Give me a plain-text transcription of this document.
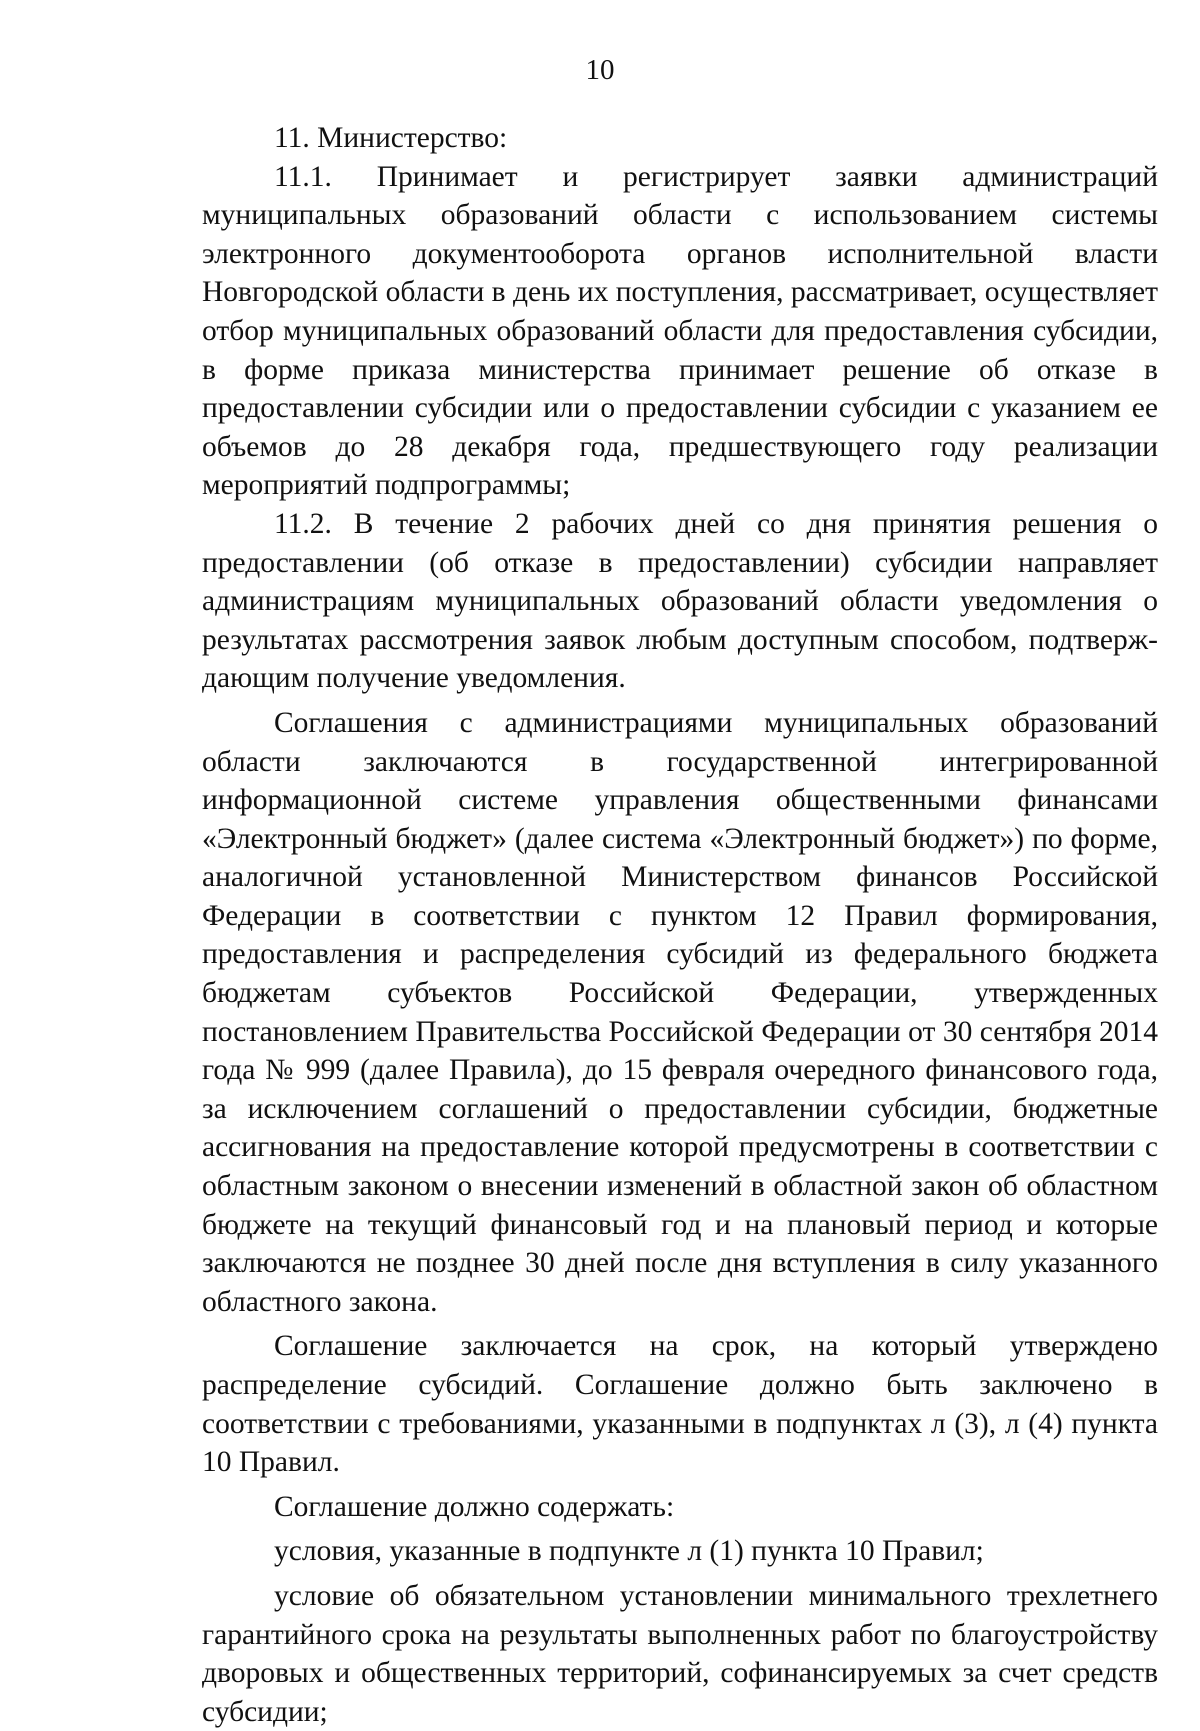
10

11. Министерство:

11.1. Принимает и регистрирует заявки администраций муниципальных образований области с использованием системы электронного документооборота органов исполнительной власти Новгородской области в день их поступления, рассматривает, осуществляет отбор муниципальных образований области для предоставления субсидии, в форме приказа министерства принимает решение об отказе в предоставлении субсидии или о предоставлении субсидии с указанием ее объемов до 28 декабря года, предшествующего году реализации мероприятий подпрограммы;

11.2. В течение 2 рабочих дней со дня принятия решения о предоставлении (об отказе в предоставлении) субсидии направляет администрациям муниципальных образований области уведомления о результатах рассмотрения заявок любым доступным способом, подтверждающим получение уведомления.

Соглашения с администрациями муниципальных образований области заключаются в государственной интегрированной информационной системе управления общественными финансами «Электронный бюджет» (далее система «Электронный бюджет») по форме, аналогичной установленной Министерством финансов Российской Федерации в соответствии с пунктом 12 Правил формирования, предоставления и распределения субсидий из федерального бюджета бюджетам субъектов Российской Федерации, утвержденных постановлением Правительства Российской Федерации от 30 сентября 2014 года № 999 (далее Правила), до 15 февраля очередного финансового года, за исключением соглашений о предоставлении субсидии, бюджетные ассигнования на предоставление которой предусмотрены в соответствии с областным законом о внесении изменений в областной закон об областном бюджете на текущий финансовый год и на плановый период и которые заключаются не позднее 30 дней после дня вступления в силу указанного областного закона.

Соглашение заключается на срок, на который утверждено распределение субсидий. Соглашение должно быть заключено в соответствии с требованиями, указанными в подпунктах л (3), л (4) пункта 10 Правил.

Соглашение должно содержать:

условия, указанные в подпункте л (1) пункта 10 Правил;

условие об обязательном установлении минимального трехлетнего гарантийного срока на результаты выполненных работ по благоустройству дворовых и общественных территорий, софинансируемых за счет средств субсидии;
